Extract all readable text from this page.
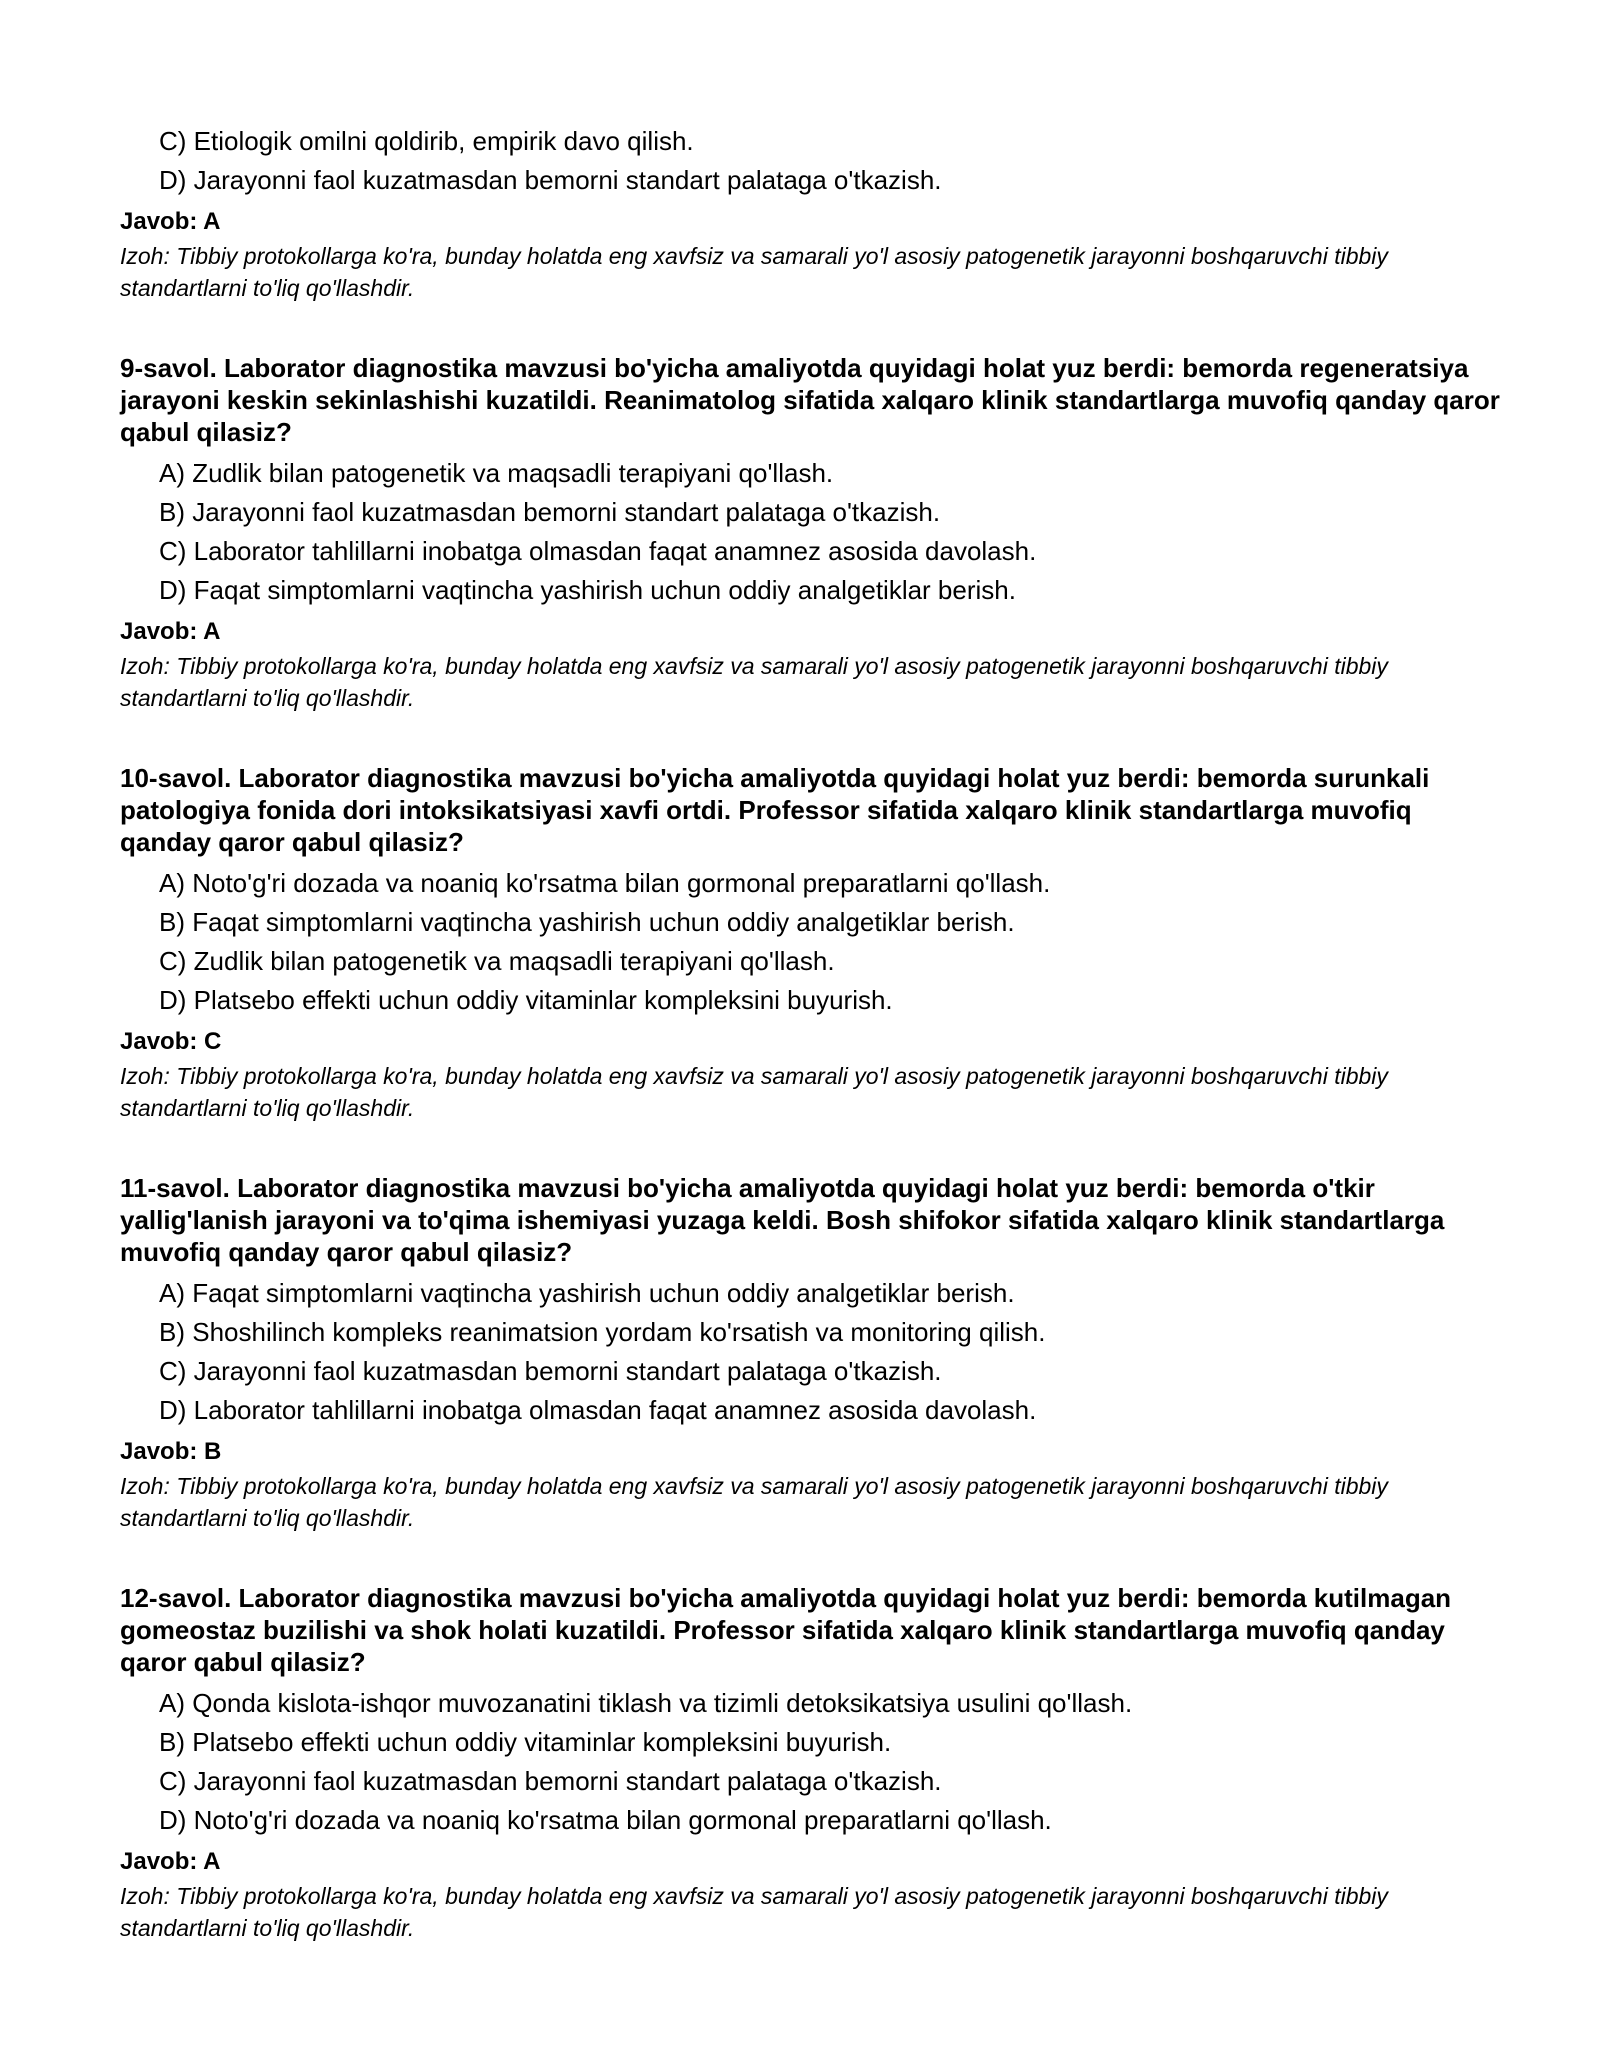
C) Etiologik omilni qoldirib, empirik davo qilish.
D) Jarayonni faol kuzatmasdan bemorni standart palataga o'tkazish.

Javob: A

Izoh: Tibbiy protokollarga ko'ra, bunday holatda eng xavfsiz va samarali yo'l asosiy patogenetik jarayonni boshqaruvchi tibbiy standartlarni to'liq qo'llashdir.

9-savol. Laborator diagnostika mavzusi bo'yicha amaliyotda quyidagi holat yuz berdi: bemorda regeneratsiya jarayoni keskin sekinlashishi kuzatildi. Reanimatolog sifatida xalqaro klinik standartlarga muvofiq qanday qaror qabul qilasiz?

A) Zudlik bilan patogenetik va maqsadli terapiyani qo'llash.
B) Jarayonni faol kuzatmasdan bemorni standart palataga o'tkazish.
C) Laborator tahlillarni inobatga olmasdan faqat anamnez asosida davolash.
D) Faqat simptomlarni vaqtincha yashirish uchun oddiy analgetiklar berish.

Javob: A

Izoh: Tibbiy protokollarga ko'ra, bunday holatda eng xavfsiz va samarali yo'l asosiy patogenetik jarayonni boshqaruvchi tibbiy standartlarni to'liq qo'llashdir.

10-savol. Laborator diagnostika mavzusi bo'yicha amaliyotda quyidagi holat yuz berdi: bemorda surunkali patologiya fonida dori intoksikatsiyasi xavfi ortdi. Professor sifatida xalqaro klinik standartlarga muvofiq qanday qaror qabul qilasiz?

A) Noto'g'ri dozada va noaniq ko'rsatma bilan gormonal preparatlarni qo'llash.
B) Faqat simptomlarni vaqtincha yashirish uchun oddiy analgetiklar berish.
C) Zudlik bilan patogenetik va maqsadli terapiyani qo'llash.
D) Platsebo effekti uchun oddiy vitaminlar kompleksini buyurish.

Javob: C

Izoh: Tibbiy protokollarga ko'ra, bunday holatda eng xavfsiz va samarali yo'l asosiy patogenetik jarayonni boshqaruvchi tibbiy standartlarni to'liq qo'llashdir.

11-savol. Laborator diagnostika mavzusi bo'yicha amaliyotda quyidagi holat yuz berdi: bemorda o'tkir yallig'lanish jarayoni va to'qima ishemiyasi yuzaga keldi. Bosh shifokor sifatida xalqaro klinik standartlarga muvofiq qanday qaror qabul qilasiz?

A) Faqat simptomlarni vaqtincha yashirish uchun oddiy analgetiklar berish.
B) Shoshilinch kompleks reanimatsion yordam ko'rsatish va monitoring qilish.
C) Jarayonni faol kuzatmasdan bemorni standart palataga o'tkazish.
D) Laborator tahlillarni inobatga olmasdan faqat anamnez asosida davolash.

Javob: B

Izoh: Tibbiy protokollarga ko'ra, bunday holatda eng xavfsiz va samarali yo'l asosiy patogenetik jarayonni boshqaruvchi tibbiy standartlarni to'liq qo'llashdir.

12-savol. Laborator diagnostika mavzusi bo'yicha amaliyotda quyidagi holat yuz berdi: bemorda kutilmagan gomeostaz buzilishi va shok holati kuzatildi. Professor sifatida xalqaro klinik standartlarga muvofiq qanday qaror qabul qilasiz?

A) Qonda kislota-ishqor muvozanatini tiklash va tizimli detoksikatsiya usulini qo'llash.
B) Platsebo effekti uchun oddiy vitaminlar kompleksini buyurish.
C) Jarayonni faol kuzatmasdan bemorni standart palataga o'tkazish.
D) Noto'g'ri dozada va noaniq ko'rsatma bilan gormonal preparatlarni qo'llash.

Javob: A

Izoh: Tibbiy protokollarga ko'ra, bunday holatda eng xavfsiz va samarali yo'l asosiy patogenetik jarayonni boshqaruvchi tibbiy standartlarni to'liq qo'llashdir.
